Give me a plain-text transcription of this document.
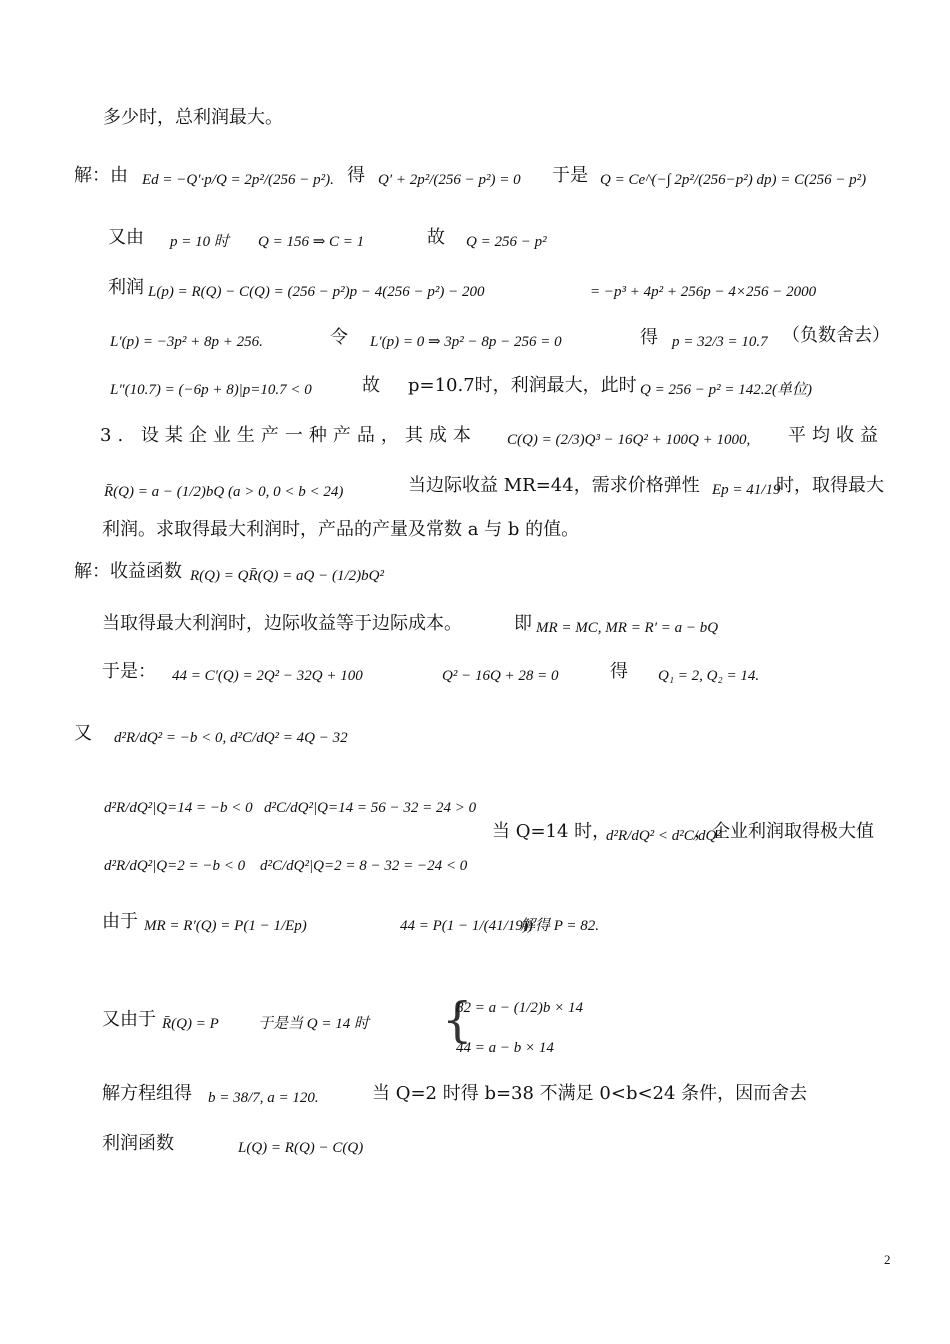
多少时，总利润最大。
解：由 Ed = −Q′·p/Q = 2p²/(256 − p²). 得 Q′ + 2p²/(256 − p²) = 0 于是 Q = Ce^(−∫ 2p²/(256−p²) dp) = C(256 − p²)
又由 p = 10 时 Q = 156 ⇒ C = 1	故 Q = 256 − p²
利润 L(p) = R(Q) − C(Q) = (256 − p²)p − 4(256 − p²) − 200	= −p³ + 4p² + 256p − 4×256 − 2000
L′(p) = −3p² + 8p + 256.	令 L′(p) = 0 ⇒ 3p² − 8p − 256 = 0	得 p = 32/3 = 10.7 （负数舍去）
L″(10.7) = (−6p + 8)|p=10.7 < 0	故 p=10.7时，利润最大，此时 Q = 256 − p² = 142.2(单位)
3. 设某企业生产一种产品，其成本 C(Q) = (2/3)Q³ − 16Q² + 100Q + 1000, 平均收益
R̄(Q) = a − (1/2)bQ (a > 0, 0 < b < 24)	当边际收益 MR=44，需求价格弹性 Ep = 41/19
时，取得最大
利润。求取得最大利润时，产品的产量及常数 a 与 b 的值。
解：收益函数 R(Q) = QR̄(Q) = aQ − (1/2)bQ²
当取得最大利润时，边际收益等于边际成本。	即 MR = MC, MR = R′ = a − bQ
于是： 44 = C′(Q) = 2Q² − 32Q + 100	Q² − 16Q + 28 = 0	得 Q₁ = 2, Q₂ = 14.
又 d²R/dQ² = −b < 0, d²C/dQ² = 4Q − 32
d²R/dQ²|Q=14 = −b < 0 d²C/dQ²|Q=14 = 56 − 32 = 24 > 0
当 Q=14 时，
d²R/dQ² < d²C/dQ²
，企业利润取得极大值
d²R/dQ²|Q=2 = −b < 0 d²C/dQ²|Q=2 = 8 − 32 = −24 < 0
由于 MR = R′(Q) = P(1 − 1/Ep)	44 = P(1 − 1/(41/19))
解得 P = 82.
又由于 R̄(Q) = P	于是当 Q = 14 时 {
82 = a − (1/2)b × 14
44 = a − b × 14
解方程组得 b = 38/7, a = 120.	当 Q=2 时得 b=38 不满足 0<b<24 条件，因而舍去
利润函数	L(Q) = R(Q) − C(Q)
2
